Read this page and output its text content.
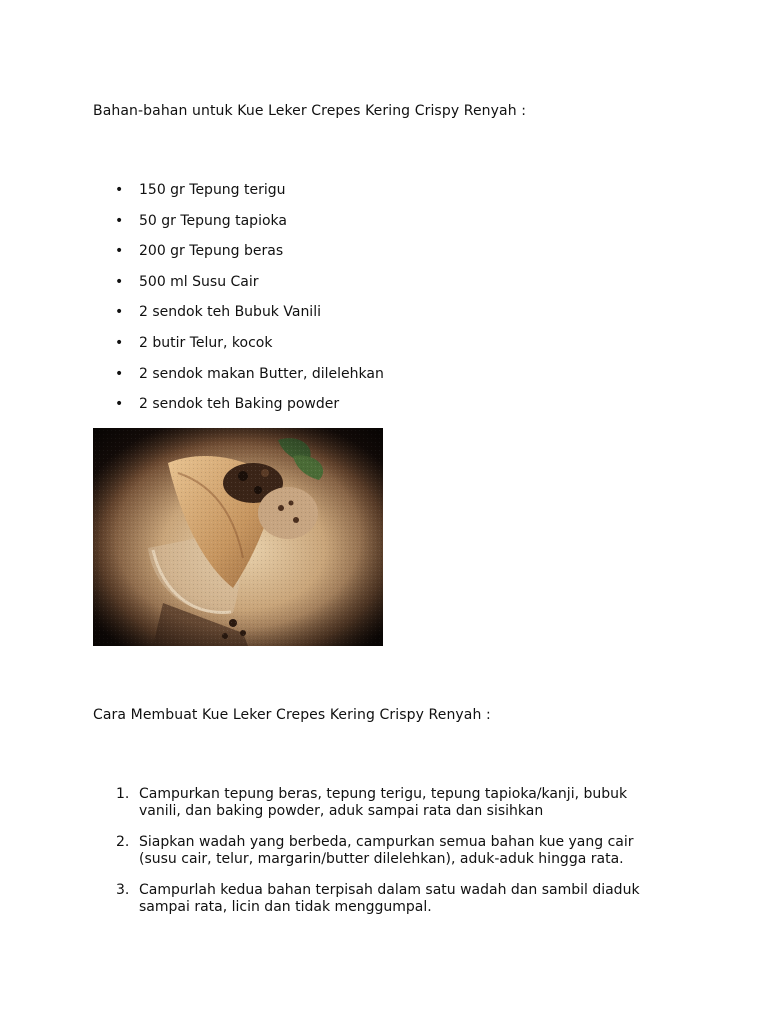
Bahan-bahan untuk Kue Leker Crepes Kering Crispy Renyah :
• 150 gr Tepung terigu
• 50 gr Tepung tapioka
• 200 gr Tepung beras
• 500 ml Susu Cair
• 2 sendok teh Bubuk Vanili
• 2 butir Telur, kocok
• 2 sendok makan Butter, dilelehkan
• 2 sendok teh Baking powder
Cara Membuat Kue Leker Crepes Kering Crispy Renyah :
1. Campurkan tepung beras, tepung terigu, tepung tapioka/kanji, bubuk vanili, dan baking powder, aduk sampai rata dan sisihkan
2. Siapkan wadah yang berbeda, campurkan semua bahan kue yang cair (susu cair, telur, margarin/butter dilelehkan), aduk-aduk hingga rata.
3. Campurlah kedua bahan terpisah dalam satu wadah dan sambil diaduk sampai rata, licin dan tidak menggumpal.
